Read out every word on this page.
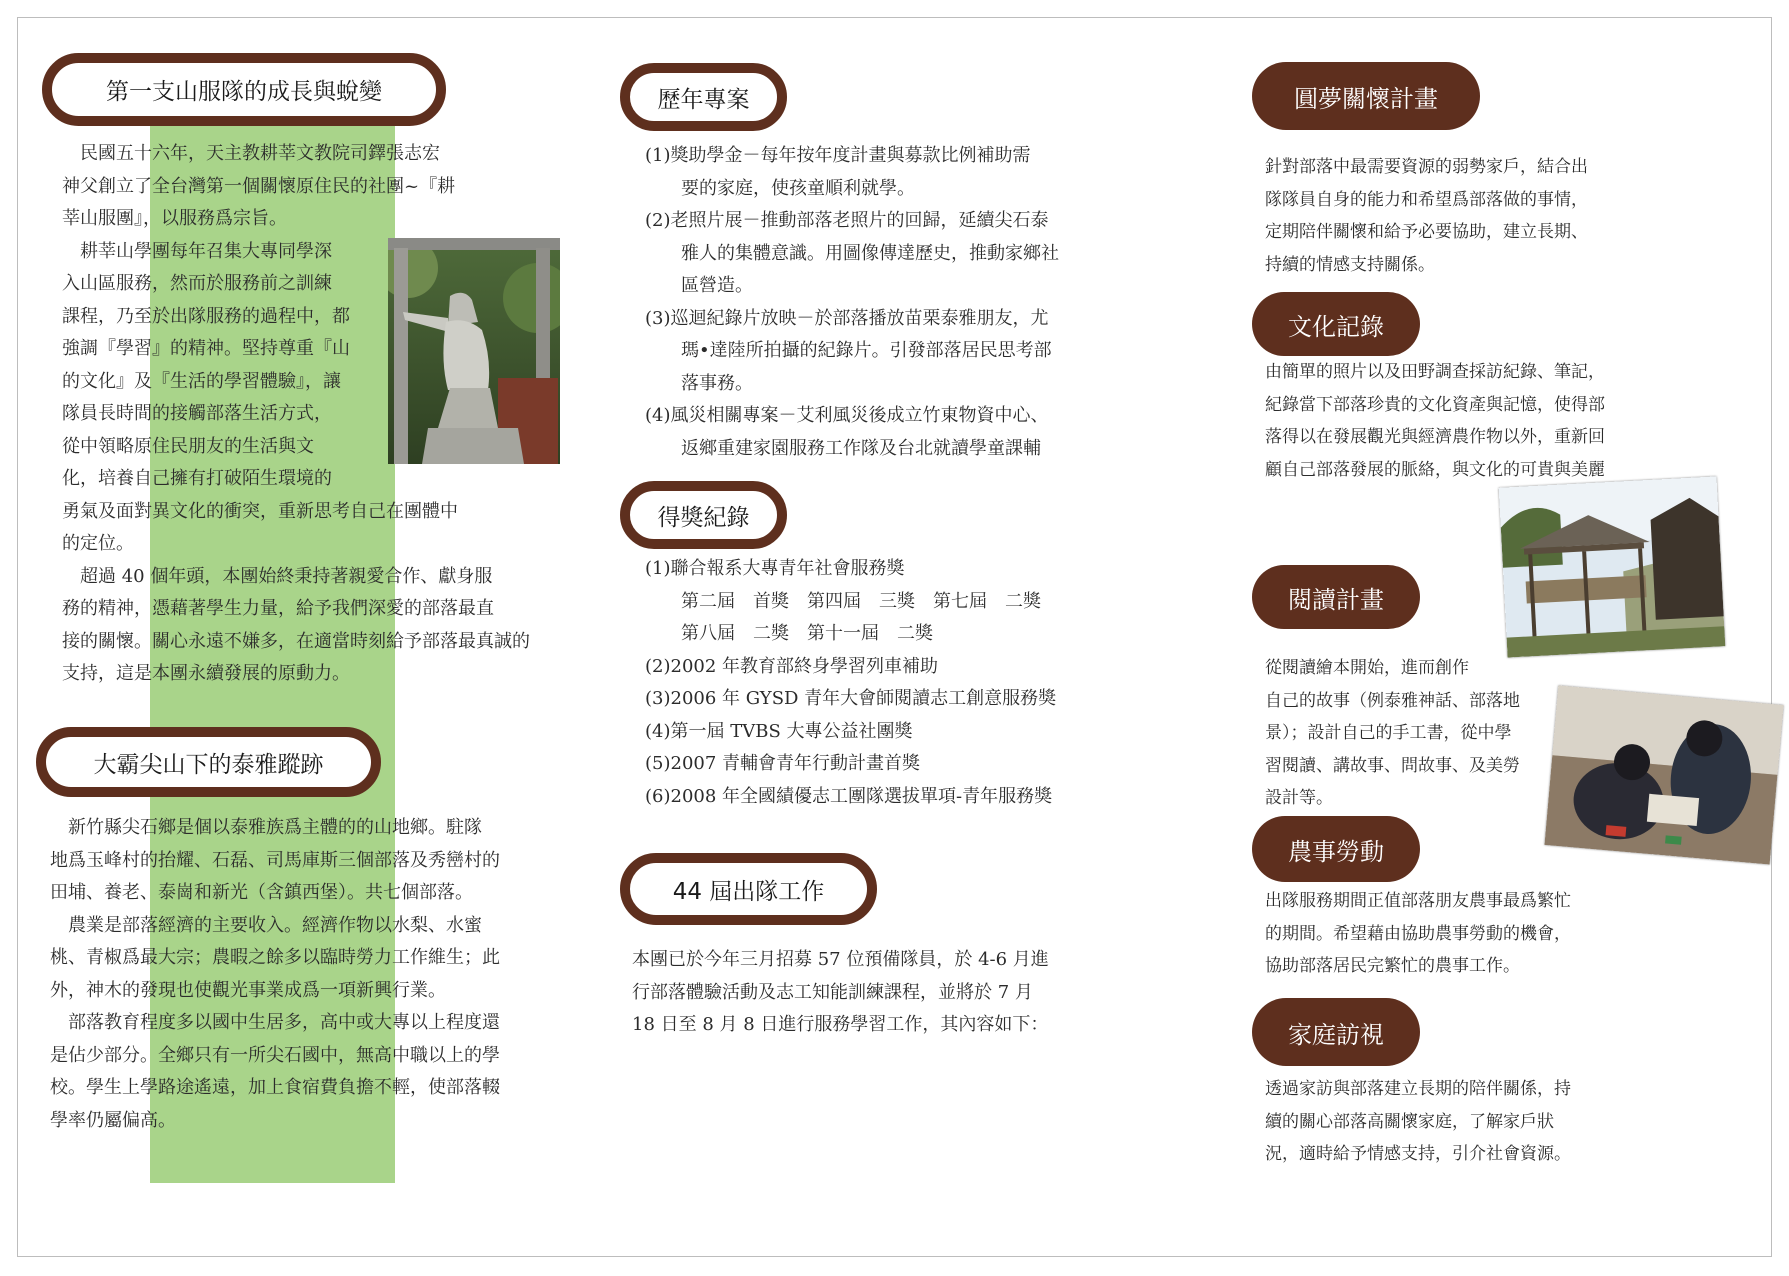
第一支山服隊的成長與蛻變
　民國五十六年，天主教耕莘文教院司鐸張志宏
神父創立了全台灣第一個關懷原住民的社團~『耕
莘山服團』，以服務爲宗旨。
　耕莘山學團每年召集大專同學深
入山區服務，然而於服務前之訓練
課程，乃至於出隊服務的過程中，都
強調『學習』的精神。堅持尊重『山
的文化』及『生活的學習體驗』，讓
隊員長時間的接觸部落生活方式，
從中領略原住民朋友的生活與文
化，培養自己擁有打破陌生環境的
勇氣及面對異文化的衝突，重新思考自己在團體中
的定位。
　超過 40 個年頭，本團始終秉持著親愛合作、獻身服
務的精神，憑藉著學生力量，給予我們深愛的部落最直
接的關懷。關心永遠不嫌多，在適當時刻給予部落最真誠的
支持，這是本團永續發展的原動力。
大霸尖山下的泰雅蹤跡
　新竹縣尖石鄉是個以泰雅族爲主體的的山地鄉。駐隊
地爲玉峰村的抬耀、石磊、司馬庫斯三個部落及秀巒村的
田埔、養老、泰崗和新光（含鎮西堡）。共七個部落。
　農業是部落經濟的主要收入。經濟作物以水梨、水蜜
桃、青椒爲最大宗；農暇之餘多以臨時勞力工作維生；此
外，神木的發現也使觀光事業成爲一項新興行業。
　部落教育程度多以國中生居多，高中或大專以上程度還
是佔少部分。全鄉只有一所尖石國中，無高中職以上的學
校。學生上學路途遙遠，加上食宿費負擔不輕，使部落輟
學率仍屬偏高。
歷年專案
(1)獎助學金－每年按年度計畫與募款比例補助需
　　要的家庭，使孩童順利就學。
(2)老照片展－推動部落老照片的回歸，延續尖石泰
　　雅人的集體意識。用圖像傳達歷史，推動家鄉社
　　區營造。
(3)巡迴紀錄片放映－於部落播放苗栗泰雅朋友，尤
　　瑪•達陸所拍攝的紀錄片。引發部落居民思考部
　　落事務。
(4)風災相關專案－艾利風災後成立竹東物資中心、
　　返鄉重建家園服務工作隊及台北就讀學童課輔
得獎紀錄
(1)聯合報系大專青年社會服務獎
　　第二屆　首獎　第四屆　三獎　第七屆　二獎
　　第八屆　二獎　第十一屆　二獎
(2)2002 年教育部終身學習列車補助
(3)2006 年 GYSD 青年大會師閱讀志工創意服務獎
(4)第一屆 TVBS 大專公益社團獎
(5)2007 青輔會青年行動計畫首獎
(6)2008 年全國績優志工團隊選拔單項-青年服務獎
44 屆出隊工作
本團已於今年三月招募 57 位預備隊員，於 4-6 月進
行部落體驗活動及志工知能訓練課程，並將於 7 月
18 日至 8 月 8 日進行服務學習工作，其內容如下：
圓夢關懷計畫
針對部落中最需要資源的弱勢家戶，結合出
隊隊員自身的能力和希望爲部落做的事情，
定期陪伴關懷和給予必要協助，建立長期、
持續的情感支持關係。
文化記錄
由簡單的照片以及田野調查採訪紀錄、筆記，
紀錄當下部落珍貴的文化資產與記憶，使得部
落得以在發展觀光與經濟農作物以外，重新回
顧自己部落發展的脈絡，與文化的可貴與美麗
閱讀計畫
從閱讀繪本開始，進而創作
自己的故事（例泰雅神話、部落地
景）；設計自己的手工書，從中學
習閱讀、講故事、問故事、及美勞
設計等。
農事勞動
出隊服務期間正值部落朋友農事最爲繁忙
的期間。希望藉由協助農事勞動的機會，
協助部落居民完繁忙的農事工作。
家庭訪視
透過家訪與部落建立長期的陪伴關係，持
續的關心部落高關懷家庭，了解家戶狀
況，適時給予情感支持，引介社會資源。
